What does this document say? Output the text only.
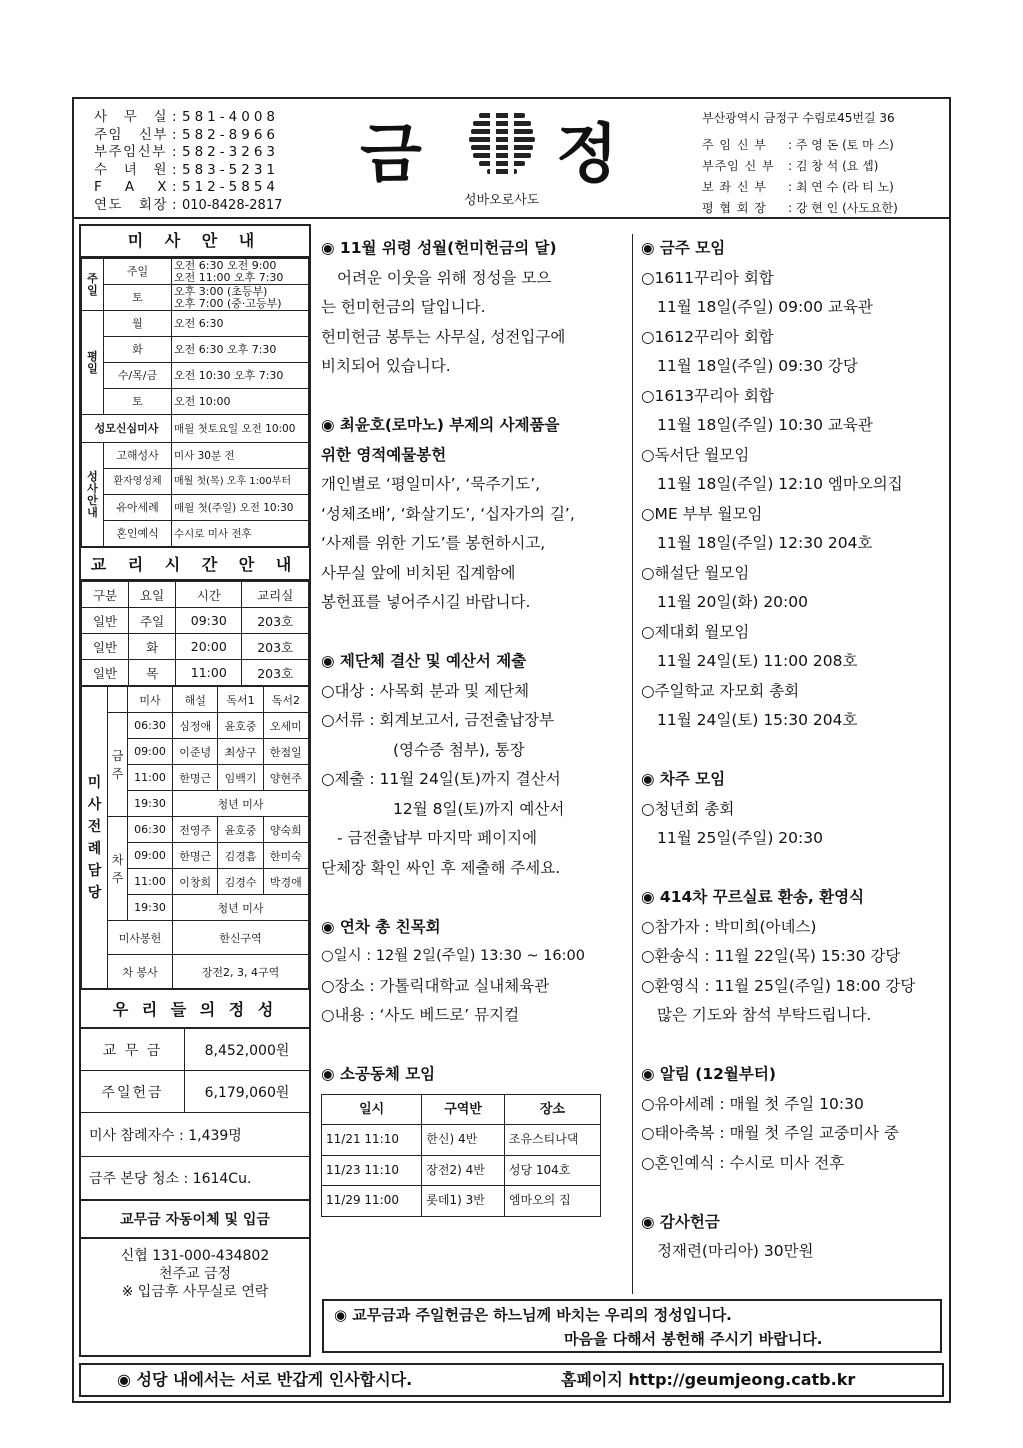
사 무 실 : 581-4008
주임 신부 : 582-8966
부주임신부 : 582-3263
수 녀 원 : 583-5231
F A X : 512-5854
연도 회장 : 010-8428-2817
금 정
성바오로사도
부산광역시 금정구 수림로45번길 36
주 임 신 부	: 주 영 돈 (토 마 스)
부주임 신 부	: 김 창 석 (요 셉)
보 좌 신 부	: 최 연 수 (라 티 노)
평 협 회 장	: 강 현 인 (사도요한)
미 사 안 내
주일	주일	오전 6:30 오전 9:00
오전 11:00 오후 7:30

	토	오후 3:00 (초등부)
오후 7:00 (중·고등부)

평일	월	오전 6:30
	화	오전 6:30 오후 7:30
	수/목/금	오전 10:30 오후 7:30
	토	오전 10:00
성모신심미사		매월 첫토요일 오전 10:00
성사안내	고해성사	미사 30분 전
	환자영성체	매월 첫(목) 오후 1:00부터
	유아세례	매월 첫(주일) 오전 10:30
	혼인예식	수시로 미사 전후
교 리 시 간 안 내
구분	요일	시간	교리실
일반	주일	09:30	203호
일반	화	20:00	203호
일반	목	11:00	203호
미사전례담당		미사	해설	독서1	독서2
	금주	06:30	심정애	윤호중	오세미
		09:00	이준녕	최상구	한점일
		11:00	한명근	임백기	양현주
		19:30	청년 미사		
	차주	06:30	전영주	윤호중	양숙희
		09:00	한명근	김경흠	한미숙
		11:00	이창희	김경수	박경애
		19:30	청년 미사		
	미사봉헌		한신구역		
	차 봉사		장전2, 3, 4구역		
우 리 들 의 정 성
교 무 금	8,452,000원
주일헌금	6,179,060원
미사 참례자수 : 1,439명
금주 본당 청소 : 1614Cu.
교무금 자동이체 및 입금
신협 131-000-434802
천주교 금정
※ 입금후 사무실로 연락
◉ 11월 위령 성월(헌미헌금의 달)
어려운 이웃을 위해 정성을 모으
는 헌미헌금의 달입니다.
헌미헌금 봉투는 사무실, 성전입구에
비치되어 있습니다.
◉ 최윤호(로마노) 부제의 사제품을
위한 영적예물봉헌
개인별로 ‘평일미사’, ‘묵주기도’,
‘성체조배’, ‘화살기도’, ‘십자가의 길’,
‘사제를 위한 기도’를 봉헌하시고,
사무실 앞에 비치된 집계함에
봉헌표를 넣어주시길 바랍니다.
◉ 제단체 결산 및 예산서 제출
○대상 : 사목회 분과 및 제단체
○서류 : 회계보고서, 금전출납장부
(영수증 첨부), 통장
○제출 : 11월 24일(토)까지 결산서
12월 8일(토)까지 예산서
- 금전출납부 마지막 페이지에
단체장 확인 싸인 후 제출해 주세요.
◉ 연차 총 친목회
○일시 : 12월 2일(주일) 13:30 ~ 16:00
○장소 : 가톨릭대학교 실내체육관
○내용 : ‘사도 베드로’ 뮤지컬
◉ 소공동체 모임
일시	구역반	장소
11/21 11:10	한신) 4반	조유스티나댁
11/23 11:10	장전2) 4반	성당 104호
11/29 11:00	롯데1) 3반	엠마오의 집
◉ 금주 모임
○1611꾸리아 회합
11월 18일(주일) 09:00 교육관
○1612꾸리아 회합
11월 18일(주일) 09:30 강당
○1613꾸리아 회합
11월 18일(주일) 10:30 교육관
○독서단 월모임
11월 18일(주일) 12:10 엠마오의집
○ME 부부 월모임
11월 18일(주일) 12:30 204호
○해설단 월모임
11월 20일(화) 20:00
○제대회 월모임
11월 24일(토) 11:00 208호
○주일학교 자모회 총회
11월 24일(토) 15:30 204호
◉ 차주 모임
○청년회 총회
11월 25일(주일) 20:30
◉ 414차 꾸르실료 환송, 환영식
○참가자 : 박미희(아녜스)
○환송식 : 11월 22일(목) 15:30 강당
○환영식 : 11월 25일(주일) 18:00 강당
많은 기도와 참석 부탁드립니다.
◉ 알림 (12월부터)
○유아세례 : 매월 첫 주일 10:30
○태아축복 : 매월 첫 주일 교중미사 중
○혼인예식 : 수시로 미사 전후
◉ 감사헌금
정재련(마리아) 30만원
◉ 교무금과 주일헌금은 하느님께 바치는 우리의 정성입니다.
마음을 다해서 봉헌해 주시기 바랍니다.
◉ 성당 내에서는 서로 반갑게 인사합시다.	홈페이지 http://geumjeong.catb.kr
